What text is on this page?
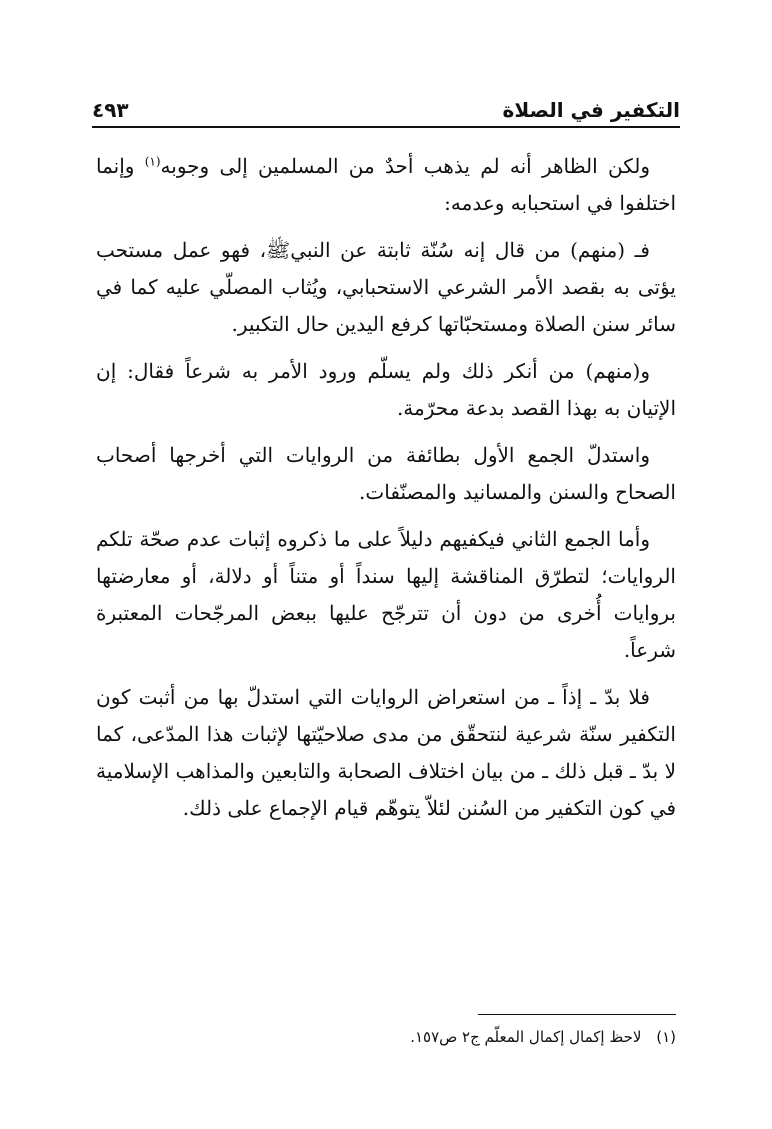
التكفير في الصلاة
٤٩٣

ولكن الظاهر أنه لم يذهب أحدٌ من المسلمين إلى وجوبه$^{(١)}$ وإنما اختلفوا في استحبابه وعدمه:

فـ (منهم) من قال إنه سُنّة ثابتة عن النبيﷺ، فهو عمل مستحب يؤتى به بقصد الأمر الشرعي الاستحبابي، ويُثاب المصلّي عليه كما في سائر سنن الصلاة ومستحبّاتها كرفع اليدين حال التكبير.

و(منهم) من أنكر ذلك ولم يسلّم ورود الأمر به شرعاً فقال: إن الإتيان به بهذا القصد بدعة محرّمة.

واستدلّ الجمع الأول بطائفة من الروايات التي أخرجها أصحاب الصحاح والسنن والمسانيد والمصنّفات.

وأما الجمع الثاني فيكفيهم دليلاً على ما ذكروه إثبات عدم صحّة تلكم الروايات؛ لتطرّق المناقشة إليها سنداً أو متناً أو دلالة، أو معارضتها بروايات أُخرى من دون أن تترجّح عليها ببعض المرجّحات المعتبرة شرعاً.

فلا بدّ ـ إذاً ـ من استعراض الروايات التي استدلّ بها من أثبت كون التكفير سنّة شرعية لنتحقّق من مدى صلاحيّتها لإثبات هذا المدّعى، كما لا بدّ ـ قبل ذلك ـ من بيان اختلاف الصحابة والتابعين والمذاهب الإسلامية في كون التكفير من السُنن لئلاّ يتوهّم قيام الإجماع على ذلك.

(١) لاحظ إكمال إكمال المعلّم ج٢ ص١٥٧.
